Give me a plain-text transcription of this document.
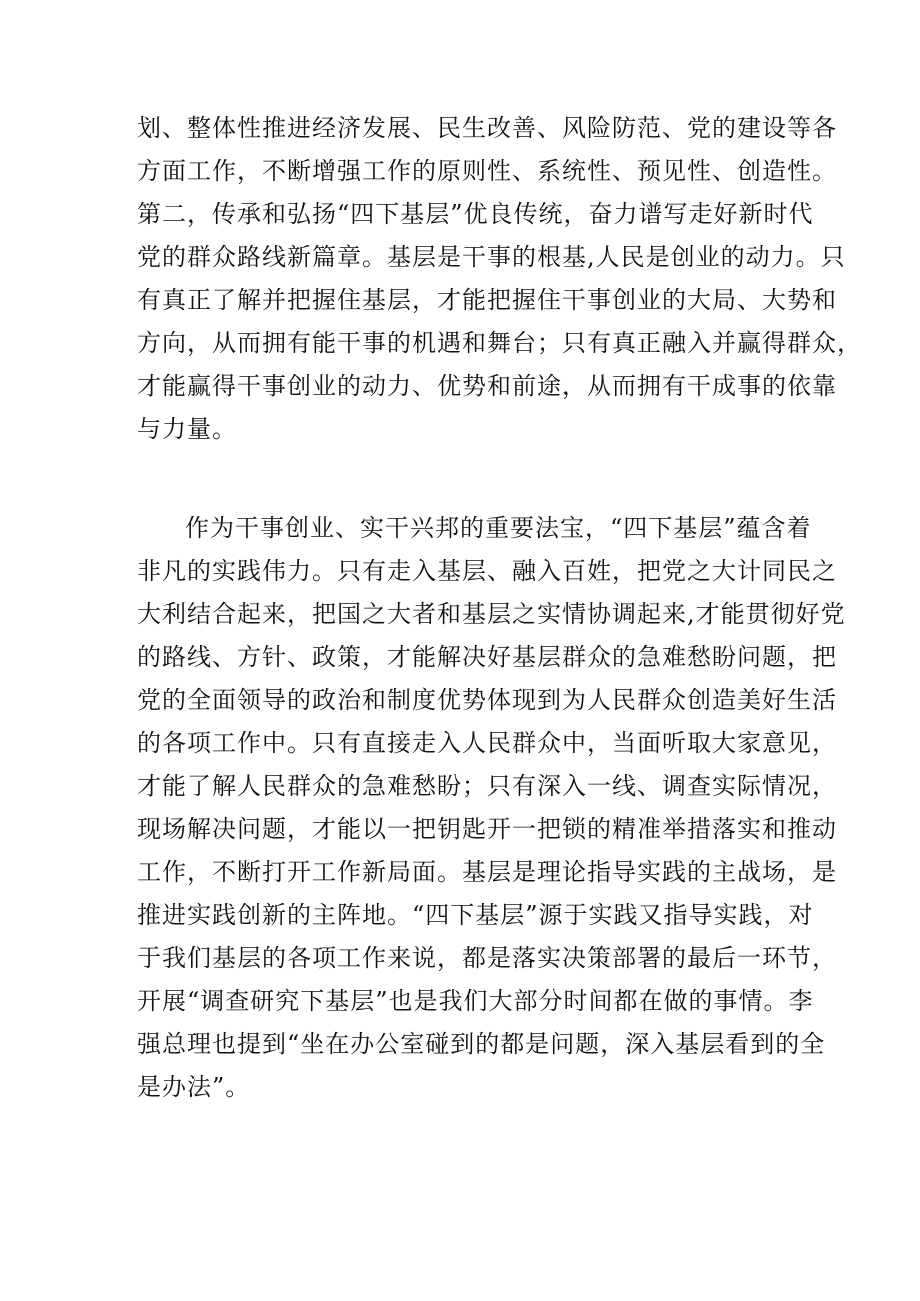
划、整体性推进经济发展、民生改善、风险防范、党的建设等各
方面工作，不断增强工作的原则性、系统性、预见性、创造性。
第二，传承和弘扬“四下基层”优良传统，奋力谱写走好新时代
党的群众路线新篇章。基层是干事的根基,人民是创业的动力。只
有真正了解并把握住基层，才能把握住干事创业的大局、大势和
方向，从而拥有能干事的机遇和舞台；只有真正融入并赢得群众，
才能赢得干事创业的动力、优势和前途，从而拥有干成事的依靠
与力量。
作为干事创业、实干兴邦的重要法宝，“四下基层”蕴含着
非凡的实践伟力。只有走入基层、融入百姓，把党之大计同民之
大利结合起来，把国之大者和基层之实情协调起来,才能贯彻好党
的路线、方针、政策，才能解决好基层群众的急难愁盼问题，把
党的全面领导的政治和制度优势体现到为人民群众创造美好生活
的各项工作中。只有直接走入人民群众中，当面听取大家意见，
才能了解人民群众的急难愁盼；只有深入一线、调查实际情况，
现场解决问题，才能以一把钥匙开一把锁的精准举措落实和推动
工作，不断打开工作新局面。基层是理论指导实践的主战场，是
推进实践创新的主阵地。“四下基层”源于实践又指导实践，对
于我们基层的各项工作来说，都是落实决策部署的最后一环节，
开展“调查研究下基层”也是我们大部分时间都在做的事情。李
强总理也提到“坐在办公室碰到的都是问题，深入基层看到的全
是办法”。
